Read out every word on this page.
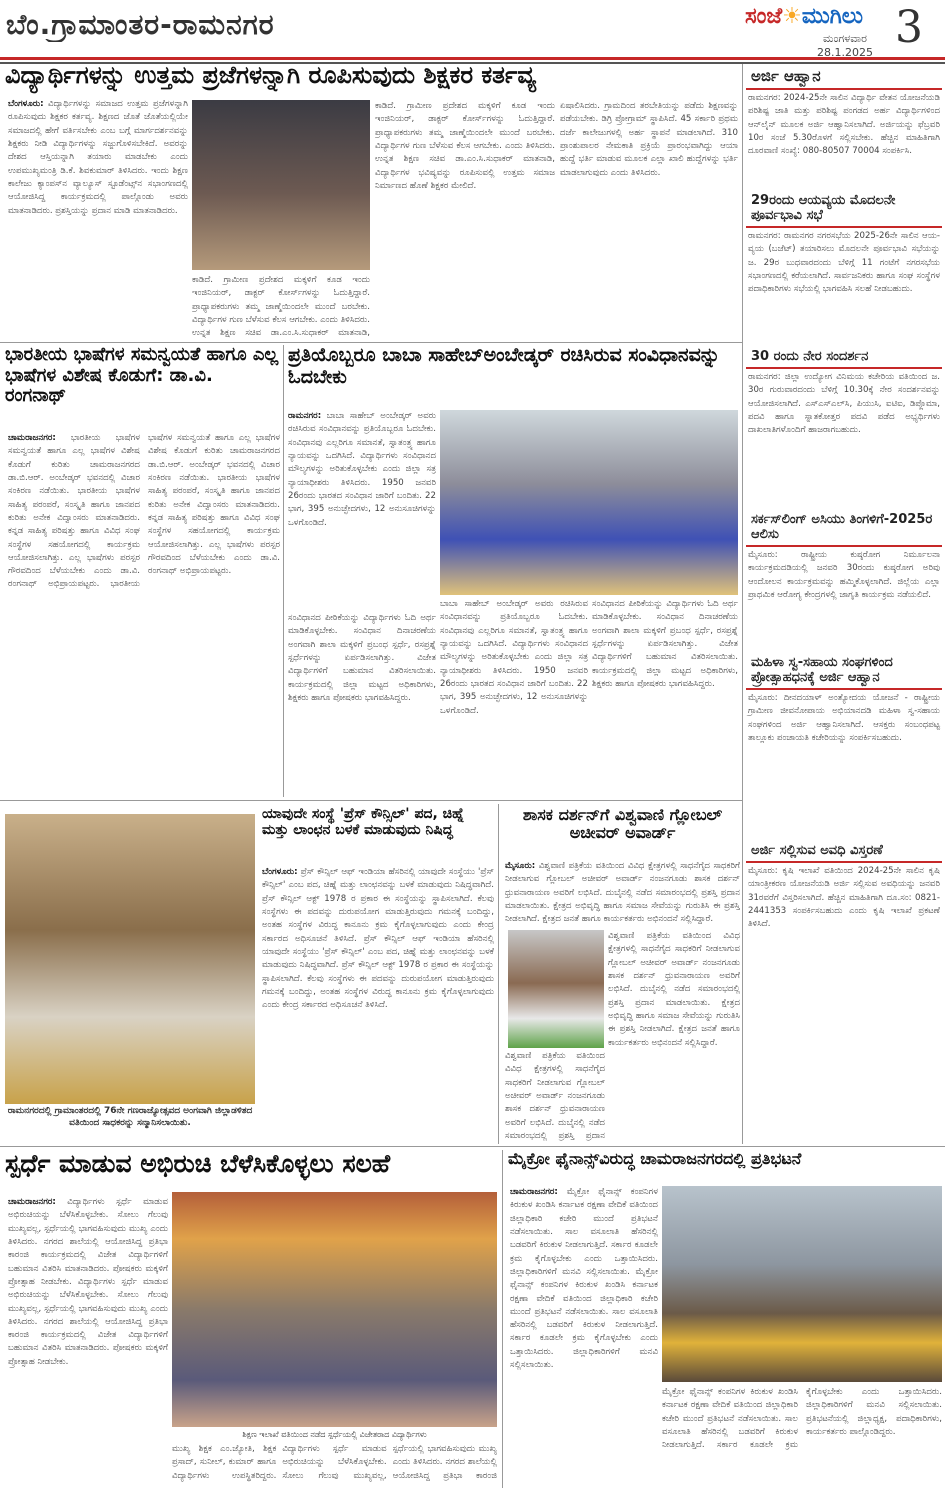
ಬೆಂ.ಗ್ರಾಮಾಂತರ-ರಾಮನಗರ	ಸಂಜೆ☀ಮುಗಿಲು
ಮಂಗಳವಾರ
28.1.2025 3
ವಿದ್ಯಾರ್ಥಿಗಳನ್ನು ಉತ್ತಮ ಪ್ರಜೆಗಳನ್ನಾಗಿ ರೂಪಿಸುವುದು ಶಿಕ್ಷಕರ ಕರ್ತವ್ಯ
ಬೆಂಗಳೂರು: ವಿದ್ಯಾರ್ಥಿಗಳನ್ನು ಸಮಾಜದ ಉತ್ತಮ ಪ್ರಜೆಗಳನ್ನಾಗಿ ರೂಪಿಸುವುದು ಶಿಕ್ಷಕರ ಕರ್ತವ್ಯ. ಶಿಕ್ಷಣದ ಜೊತೆ ಜೊತೆಯಲ್ಲಿಯೇ ಸಮಾಜದಲ್ಲಿ ಹೇಗೆ ವರ್ತಿಸಬೇಕು ಎಂಬ ಬಗ್ಗೆ ಮಾರ್ಗದರ್ಶನವನ್ನು ಶಿಕ್ಷಕರು ನೀಡಿ ವಿದ್ಯಾರ್ಥಿಗಳನ್ನು ಸಜ್ಜುಗೊಳಿಸಬೇಕಿದೆ. ಅವರನ್ನು ದೇಶದ ಆಸ್ತಿಯನ್ನಾಗಿ ತಯಾರು ಮಾಡಬೇಕು ಎಂದು ಉಪಮುಖ್ಯಮಂತ್ರಿ ಡಿ.ಕೆ. ಶಿವಕುಮಾರ್ ತಿಳಿಸಿದರು. ಇಂದು ಶಿಕ್ಷಣ ಕಾಲೇಜು ಕ್ಯಾಂಪಸ್‌ನ ವ್ಯಾಲ್ಯೂಸ್ ಸ್ಟೂಡೆಂಟ್ಸ್‌ನ ಸಭಾಂಗಣದಲ್ಲಿ ಆಯೋಜಿಸಿದ್ದ ಕಾರ್ಯಕ್ರಮದಲ್ಲಿ ಪಾಲ್ಗೊಂಡು ಅವರು ಮಾತನಾಡಿದರು. ಪ್ರಶಸ್ತಿಯನ್ನು ಪ್ರದಾನ ಮಾಡಿ ಮಾತನಾಡಿದರು.
ಕಾಡಿದೆ. ಗ್ರಾಮೀಣ ಪ್ರದೇಶದ ಮಕ್ಕಳಿಗೆ ಕೂಡ ಇಂದು ಇಂಜಿನಿಯರ್, ಡಾಕ್ಟರ್ ಕೋರ್ಸ್‌ಗಳನ್ನು ಓದುತ್ತಿದ್ದಾರೆ. ಪ್ರಾಧ್ಯಾಪಕರುಗಳು ತಮ್ಮ ಜಾಣ್ಮೆಯಿಂದಲೇ ಮುಂದೆ ಬರಬೇಕು. ವಿದ್ಯಾರ್ಥಿಗಳ ಗುಣ ಬೆಳೆಸುವ ಕೆಲಸ ಆಗಬೇಕು. ಎಂದು ತಿಳಿಸಿದರು. ಉನ್ನತ ಶಿಕ್ಷಣ ಸಚಿವ ಡಾ.ಎಂ.ಸಿ.ಸುಧಾಕರ್ ಮಾತನಾಡಿ,
ಕಾಡಿದೆ. ಗ್ರಾಮೀಣ ಪ್ರದೇಶದ ಮಕ್ಕಳಿಗೆ ಕೂಡ ಇಂದು ಇಂಜಿನಿಯರ್, ಡಾಕ್ಟರ್ ಕೋರ್ಸ್‌ಗಳನ್ನು ಓದುತ್ತಿದ್ದಾರೆ. ಪ್ರಾಧ್ಯಾಪಕರುಗಳು ತಮ್ಮ ಜಾಣ್ಮೆಯಿಂದಲೇ ಮುಂದೆ ಬರಬೇಕು. ವಿದ್ಯಾರ್ಥಿಗಳ ಗುಣ ಬೆಳೆಸುವ ಕೆಲಸ ಆಗಬೇಕು. ಎಂದು ತಿಳಿಸಿದರು. ಉನ್ನತ ಶಿಕ್ಷಣ ಸಚಿವ ಡಾ.ಎಂ.ಸಿ.ಸುಧಾಕರ್ ಮಾತನಾಡಿ, ವಿದ್ಯಾರ್ಥಿಗಳ ಭವಿಷ್ಯವನ್ನು ರೂಪಿಸುವಲ್ಲಿ ಉತ್ತಮ ಸಮಾಜ ನಿರ್ಮಾಣದ ಹೊಣೆ ಶಿಕ್ಷಕರ ಮೇಲಿದೆ.
ಏಷಾಲಿಸಿದರು. ಗ್ರಾಮದಿಂದ ತರಬೇತಿಯನ್ನು ಪಡೆದು ಶಿಕ್ಷಣವನ್ನು ಪಡೆಯಬೇಕು. ಡಿಗ್ರಿ ಪ್ರೋಗ್ರಾಮ್ ಸ್ಥಾಪಿಸಿದೆ. 45 ಸರ್ಕಾರಿ ಪ್ರಥಮ ದರ್ಜೆ ಕಾಲೇಜುಗಳಲ್ಲಿ ಅರ್ಹ ಸ್ಥಾಪನೆ ಮಾಡಲಾಗಿದೆ. 310 ಪ್ರಾಂಶುಪಾಲರ ನೇಮಕಾತಿ ಪ್ರಕ್ರಿಯೆ ಪ್ರಾರಂಭವಾಗಿದ್ದು ಆಯಾ ಹುದ್ದೆ ಭರ್ತಿ ಮಾಡುವ ಮೂಲಕ ಎಲ್ಲಾ ಖಾಲಿ ಹುದ್ದೆಗಳನ್ನು ಭರ್ತಿ ಮಾಡಲಾಗುವುದು ಎಂದು ತಿಳಿಸಿದರು.
ಅರ್ಜಿ ಆಹ್ವಾನ
ರಾಮನಗರ: 2024-25ನೇ ಸಾಲಿನ ವಿದ್ಯಾರ್ಥಿ ವೇತನ ಯೋಜನೆಯಡಿ ಪರಿಶಿಷ್ಟ ಜಾತಿ ಮತ್ತು ಪರಿಶಿಷ್ಟ ಪಂಗಡದ ಅರ್ಹ ವಿದ್ಯಾರ್ಥಿಗಳಿಂದ ಆನ್‌ಲೈನ್ ಮೂಲಕ ಅರ್ಜಿ ಆಹ್ವಾನಿಸಲಾಗಿದೆ. ಅರ್ಜಿಯನ್ನು ಫೆಬ್ರವರಿ 10ರ ಸಂಜೆ 5.30ರೊಳಗೆ ಸಲ್ಲಿಸಬೇಕು. ಹೆಚ್ಚಿನ ಮಾಹಿತಿಗಾಗಿ ದೂರವಾಣಿ ಸಂಖ್ಯೆ: 080-80507 70004 ಸಂಪರ್ಕಿಸಿ.
29ರಂದು ಆಯವ್ಯಯ ಮೊದಲನೇ ಪೂರ್ವಭಾವಿ ಸಭೆ
ರಾಮನಗರ: ರಾಮನಗರ ನಗರಸಭೆಯ 2025-26ನೇ ಸಾಲಿನ ಆಯ-ವ್ಯಯ (ಬಜೆಟ್) ತಯಾರಿಸಲು ಮೊದಲನೇ ಪೂರ್ವಭಾವಿ ಸಭೆಯನ್ನು ಜ. 29ರ ಬುಧವಾರದಂದು ಬೆಳಿಗ್ಗೆ 11 ಗಂಟೆಗೆ ನಗರಸಭೆಯ ಸಭಾಂಗಣದಲ್ಲಿ ಕರೆಯಲಾಗಿದೆ. ಸಾರ್ವಜನಿಕರು ಹಾಗೂ ಸಂಘ ಸಂಸ್ಥೆಗಳ ಪದಾಧಿಕಾರಿಗಳು ಸಭೆಯಲ್ಲಿ ಭಾಗವಹಿಸಿ ಸಲಹೆ ನೀಡಬಹುದು.
30 ರಂದು ನೇರ ಸಂದರ್ಶನ
ರಾಮನಗರ: ಜಿಲ್ಲಾ ಉದ್ಯೋಗ ವಿನಿಮಯ ಕಚೇರಿಯ ವತಿಯಿಂದ ಜ. 30ರ ಗುರುವಾರದಂದು ಬೆಳಿಗ್ಗೆ 10.30ಕ್ಕೆ ನೇರ ಸಂದರ್ಶನವನ್ನು ಆಯೋಜಿಸಲಾಗಿದೆ. ಎಸ್ಎಸ್ಎಲ್‌ಸಿ, ಪಿಯುಸಿ, ಐಟಿಐ, ಡಿಪ್ಲೊಮಾ, ಪದವಿ ಹಾಗೂ ಸ್ನಾತಕೋತ್ತರ ಪದವಿ ಪಡೆದ ಅಭ್ಯರ್ಥಿಗಳು ದಾಖಲಾತಿಗಳೊಂದಿಗೆ ಹಾಜರಾಗಬಹುದು.
ಸರ್ಕಸ್‌ಲಿಂಗ್ ಅಸಿಯು ತಿಂಗಳಿಗೆ-2025ರ ಆಲಿಸು
ಮೈಸೂರು: ರಾಷ್ಟ್ರೀಯ ಕುಷ್ಠರೋಗ ನಿರ್ಮೂಲನಾ ಕಾರ್ಯಕ್ರಮದಡಿಯಲ್ಲಿ ಜನವರಿ 30ರಂದು ಕುಷ್ಠರೋಗ ಅರಿವು ಆಂದೋಲನ ಕಾರ್ಯಕ್ರಮವನ್ನು ಹಮ್ಮಿಕೊಳ್ಳಲಾಗಿದೆ. ಜಿಲ್ಲೆಯ ಎಲ್ಲಾ ಪ್ರಾಥಮಿಕ ಆರೋಗ್ಯ ಕೇಂದ್ರಗಳಲ್ಲಿ ಜಾಗೃತಿ ಕಾರ್ಯಕ್ರಮ ನಡೆಯಲಿದೆ.
ಮಹಿಳಾ ಸ್ವ-ಸಹಾಯ ಸಂಘಗಳಿಂದ ಪ್ರೋತ್ಸಾಹಧನಕ್ಕೆ ಅರ್ಜಿ ಆಹ್ವಾನ
ಮೈಸೂರು: ದೀನದಯಾಳ್ ಅಂತ್ಯೋದಯ ಯೋಜನೆ - ರಾಷ್ಟ್ರೀಯ ಗ್ರಾಮೀಣ ಜೀವನೋಪಾಯ ಅಭಿಯಾನದಡಿ ಮಹಿಳಾ ಸ್ವ-ಸಹಾಯ ಸಂಘಗಳಿಂದ ಅರ್ಜಿ ಆಹ್ವಾನಿಸಲಾಗಿದೆ. ಆಸಕ್ತರು ಸಂಬಂಧಪಟ್ಟ ತಾಲ್ಲೂಕು ಪಂಚಾಯತಿ ಕಚೇರಿಯನ್ನು ಸಂಪರ್ಕಿಸಬಹುದು.
ಅರ್ಜಿ ಸಲ್ಲಿಸುವ ಅವಧಿ ವಿಸ್ತರಣೆ
ಮೈಸೂರು: ಕೃಷಿ ಇಲಾಖೆ ವತಿಯಿಂದ 2024-25ನೇ ಸಾಲಿನ ಕೃಷಿ ಯಾಂತ್ರೀಕರಣ ಯೋಜನೆಯಡಿ ಅರ್ಜಿ ಸಲ್ಲಿಸುವ ಅವಧಿಯನ್ನು ಜನವರಿ 31ರವರೆಗೆ ವಿಸ್ತರಿಸಲಾಗಿದೆ. ಹೆಚ್ಚಿನ ಮಾಹಿತಿಗಾಗಿ ದೂ.ಸಂ: 0821-2441353 ಸಂಪರ್ಕಿಸಬಹುದು ಎಂದು ಕೃಷಿ ಇಲಾಖೆ ಪ್ರಕಟಣೆ ತಿಳಿಸಿದೆ.
ಭಾರತೀಯ ಭಾಷೆಗಳ ಸಮನ್ವಯತೆ ಹಾಗೂ ಎಲ್ಲ ಭಾಷೆಗಳ ವಿಶೇಷ ಕೊಡುಗೆ: ಡಾ.ವಿ. ರಂಗನಾಥ್
ಚಾಮರಾಜನಗರ: ಭಾರತೀಯ ಭಾಷೆಗಳ ಸಮನ್ವಯತೆ ಹಾಗೂ ಎಲ್ಲ ಭಾಷೆಗಳ ವಿಶೇಷ ಕೊಡುಗೆ ಕುರಿತು ಚಾಮರಾಜನಗರದ ಡಾ.ಬಿ.ಆರ್. ಅಂಬೇಡ್ಕರ್ ಭವನದಲ್ಲಿ ವಿಚಾರ ಸಂಕಿರಣ ನಡೆಯಿತು. ಭಾರತೀಯ ಭಾಷೆಗಳ ಸಾಹಿತ್ಯ ಪರಂಪರೆ, ಸಂಸ್ಕೃತಿ ಹಾಗೂ ಜಾನಪದ ಕುರಿತು ಅನೇಕ ವಿದ್ವಾಂಸರು ಮಾತನಾಡಿದರು. ಕನ್ನಡ ಸಾಹಿತ್ಯ ಪರಿಷತ್ತು ಹಾಗೂ ವಿವಿಧ ಸಂಘ ಸಂಸ್ಥೆಗಳ ಸಹಯೋಗದಲ್ಲಿ ಕಾರ್ಯಕ್ರಮ ಆಯೋಜಿಸಲಾಗಿತ್ತು. ಎಲ್ಲ ಭಾಷೆಗಳು ಪರಸ್ಪರ ಗೌರವದಿಂದ ಬೆಳೆಯಬೇಕು ಎಂದು ಡಾ.ವಿ. ರಂಗನಾಥ್ ಅಭಿಪ್ರಾಯಪಟ್ಟರು. ಭಾರತೀಯ ಭಾಷೆಗಳ ಸಮನ್ವಯತೆ ಹಾಗೂ ಎಲ್ಲ ಭಾಷೆಗಳ ವಿಶೇಷ ಕೊಡುಗೆ ಕುರಿತು ಚಾಮರಾಜನಗರದ ಡಾ.ಬಿ.ಆರ್. ಅಂಬೇಡ್ಕರ್ ಭವನದಲ್ಲಿ ವಿಚಾರ ಸಂಕಿರಣ ನಡೆಯಿತು. ಭಾರತೀಯ ಭಾಷೆಗಳ ಸಾಹಿತ್ಯ ಪರಂಪರೆ, ಸಂಸ್ಕೃತಿ ಹಾಗೂ ಜಾನಪದ ಕುರಿತು ಅನೇಕ ವಿದ್ವಾಂಸರು ಮಾತನಾಡಿದರು. ಕನ್ನಡ ಸಾಹಿತ್ಯ ಪರಿಷತ್ತು ಹಾಗೂ ವಿವಿಧ ಸಂಘ ಸಂಸ್ಥೆಗಳ ಸಹಯೋಗದಲ್ಲಿ ಕಾರ್ಯಕ್ರಮ ಆಯೋಜಿಸಲಾಗಿತ್ತು. ಎಲ್ಲ ಭಾಷೆಗಳು ಪರಸ್ಪರ ಗೌರವದಿಂದ ಬೆಳೆಯಬೇಕು ಎಂದು ಡಾ.ವಿ. ರಂಗನಾಥ್ ಅಭಿಪ್ರಾಯಪಟ್ಟರು.
ಪ್ರತಿಯೊಬ್ಬರೂ ಬಾಬಾ ಸಾಹೇಬ್‌ಅಂಬೇಡ್ಕರ್ ರಚಿಸಿರುವ ಸಂವಿಧಾನವನ್ನು ಓದಬೇಕು
ರಾಮನಗರ: ಬಾಬಾ ಸಾಹೇಬ್ ಅಂಬೇಡ್ಕರ್ ಅವರು ರಚಿಸಿರುವ ಸಂವಿಧಾನವನ್ನು ಪ್ರತಿಯೊಬ್ಬರೂ ಓದಬೇಕು. ಸಂವಿಧಾನವು ಎಲ್ಲರಿಗೂ ಸಮಾನತೆ, ಸ್ವಾತಂತ್ರ್ಯ ಹಾಗೂ ನ್ಯಾಯವನ್ನು ಒದಗಿಸಿದೆ. ವಿದ್ಯಾರ್ಥಿಗಳು ಸಂವಿಧಾನದ ಮೌಲ್ಯಗಳನ್ನು ಅರಿತುಕೊಳ್ಳಬೇಕು ಎಂದು ಜಿಲ್ಲಾ ಸತ್ರ ನ್ಯಾಯಾಧೀಶರು ತಿಳಿಸಿದರು. 1950 ಜನವರಿ 26ರಂದು ಭಾರತದ ಸಂವಿಧಾನ ಜಾರಿಗೆ ಬಂದಿತು. 22 ಭಾಗ, 395 ಅನುಚ್ಛೇದಗಳು, 12 ಅನುಸೂಚಿಗಳನ್ನು ಒಳಗೊಂಡಿದೆ.
ಸಂವಿಧಾನದ ಪೀಠಿಕೆಯನ್ನು ವಿದ್ಯಾರ್ಥಿಗಳು ಓದಿ ಅರ್ಥ ಮಾಡಿಕೊಳ್ಳಬೇಕು. ಸಂವಿಧಾನ ದಿನಾಚರಣೆಯ ಅಂಗವಾಗಿ ಶಾಲಾ ಮಕ್ಕಳಿಗೆ ಪ್ರಬಂಧ ಸ್ಪರ್ಧೆ, ರಸಪ್ರಶ್ನೆ ಸ್ಪರ್ಧೆಗಳನ್ನು ಏರ್ಪಡಿಸಲಾಗಿತ್ತು. ವಿಜೇತ ವಿದ್ಯಾರ್ಥಿಗಳಿಗೆ ಬಹುಮಾನ ವಿತರಿಸಲಾಯಿತು. ಕಾರ್ಯಕ್ರಮದಲ್ಲಿ ಜಿಲ್ಲಾ ಮಟ್ಟದ ಅಧಿಕಾರಿಗಳು, ಶಿಕ್ಷಕರು ಹಾಗೂ ಪೋಷಕರು ಭಾಗವಹಿಸಿದ್ದರು.
ಬಾಬಾ ಸಾಹೇಬ್ ಅಂಬೇಡ್ಕರ್ ಅವರು ರಚಿಸಿರುವ ಸಂವಿಧಾನವನ್ನು ಪ್ರತಿಯೊಬ್ಬರೂ ಓದಬೇಕು. ಸಂವಿಧಾನವು ಎಲ್ಲರಿಗೂ ಸಮಾನತೆ, ಸ್ವಾತಂತ್ರ್ಯ ಹಾಗೂ ನ್ಯಾಯವನ್ನು ಒದಗಿಸಿದೆ. ವಿದ್ಯಾರ್ಥಿಗಳು ಸಂವಿಧಾನದ ಮೌಲ್ಯಗಳನ್ನು ಅರಿತುಕೊಳ್ಳಬೇಕು ಎಂದು ಜಿಲ್ಲಾ ಸತ್ರ ನ್ಯಾಯಾಧೀಶರು ತಿಳಿಸಿದರು. 1950 ಜನವರಿ 26ರಂದು ಭಾರತದ ಸಂವಿಧಾನ ಜಾರಿಗೆ ಬಂದಿತು. 22 ಭಾಗ, 395 ಅನುಚ್ಛೇದಗಳು, 12 ಅನುಸೂಚಿಗಳನ್ನು ಒಳಗೊಂಡಿದೆ.
ಸಂವಿಧಾನದ ಪೀಠಿಕೆಯನ್ನು ವಿದ್ಯಾರ್ಥಿಗಳು ಓದಿ ಅರ್ಥ ಮಾಡಿಕೊಳ್ಳಬೇಕು. ಸಂವಿಧಾನ ದಿನಾಚರಣೆಯ ಅಂಗವಾಗಿ ಶಾಲಾ ಮಕ್ಕಳಿಗೆ ಪ್ರಬಂಧ ಸ್ಪರ್ಧೆ, ರಸಪ್ರಶ್ನೆ ಸ್ಪರ್ಧೆಗಳನ್ನು ಏರ್ಪಡಿಸಲಾಗಿತ್ತು. ವಿಜೇತ ವಿದ್ಯಾರ್ಥಿಗಳಿಗೆ ಬಹುಮಾನ ವಿತರಿಸಲಾಯಿತು. ಕಾರ್ಯಕ್ರಮದಲ್ಲಿ ಜಿಲ್ಲಾ ಮಟ್ಟದ ಅಧಿಕಾರಿಗಳು, ಶಿಕ್ಷಕರು ಹಾಗೂ ಪೋಷಕರು ಭಾಗವಹಿಸಿದ್ದರು.
ರಾಮನಗರದಲ್ಲಿ ಗ್ರಾಮಾಂತರದಲ್ಲಿ 76ನೇ ಗಣರಾಜ್ಯೋತ್ಸವದ ಅಂಗವಾಗಿ ಜಿಲ್ಲಾಡಳಿತದ ವತಿಯಿಂದ ಸಾಧಕರನ್ನು ಸನ್ಮಾನಿಸಲಾಯಿತು.
ಯಾವುದೇ ಸಂಸ್ಥೆ 'ಪ್ರೆಸ್ ಕೌನ್ಸಿಲ್' ಪದ, ಚಿಹ್ನೆ ಮತ್ತು ಲಾಂಛನ ಬಳಕೆ ಮಾಡುವುದು ನಿಷಿದ್ಧ
ಬೆಂಗಳೂರು: ಪ್ರೆಸ್ ಕೌನ್ಸಿಲ್ ಆಫ್ ಇಂಡಿಯಾ ಹೆಸರಿನಲ್ಲಿ ಯಾವುದೇ ಸಂಸ್ಥೆಯು 'ಪ್ರೆಸ್ ಕೌನ್ಸಿಲ್' ಎಂಬ ಪದ, ಚಿಹ್ನೆ ಮತ್ತು ಲಾಂಛನವನ್ನು ಬಳಕೆ ಮಾಡುವುದು ನಿಷಿದ್ಧವಾಗಿದೆ. ಪ್ರೆಸ್ ಕೌನ್ಸಿಲ್ ಆಕ್ಟ್ 1978 ರ ಪ್ರಕಾರ ಈ ಸಂಸ್ಥೆಯನ್ನು ಸ್ಥಾಪಿಸಲಾಗಿದೆ. ಕೆಲವು ಸಂಸ್ಥೆಗಳು ಈ ಪದವನ್ನು ದುರುಪಯೋಗ ಮಾಡುತ್ತಿರುವುದು ಗಮನಕ್ಕೆ ಬಂದಿದ್ದು, ಅಂತಹ ಸಂಸ್ಥೆಗಳ ವಿರುದ್ಧ ಕಾನೂನು ಕ್ರಮ ಕೈಗೊಳ್ಳಲಾಗುವುದು ಎಂದು ಕೇಂದ್ರ ಸರ್ಕಾರದ ಅಧಿಸೂಚನೆ ತಿಳಿಸಿದೆ. ಪ್ರೆಸ್ ಕೌನ್ಸಿಲ್ ಆಫ್ ಇಂಡಿಯಾ ಹೆಸರಿನಲ್ಲಿ ಯಾವುದೇ ಸಂಸ್ಥೆಯು 'ಪ್ರೆಸ್ ಕೌನ್ಸಿಲ್' ಎಂಬ ಪದ, ಚಿಹ್ನೆ ಮತ್ತು ಲಾಂಛನವನ್ನು ಬಳಕೆ ಮಾಡುವುದು ನಿಷಿದ್ಧವಾಗಿದೆ. ಪ್ರೆಸ್ ಕೌನ್ಸಿಲ್ ಆಕ್ಟ್ 1978 ರ ಪ್ರಕಾರ ಈ ಸಂಸ್ಥೆಯನ್ನು ಸ್ಥಾಪಿಸಲಾಗಿದೆ. ಕೆಲವು ಸಂಸ್ಥೆಗಳು ಈ ಪದವನ್ನು ದುರುಪಯೋಗ ಮಾಡುತ್ತಿರುವುದು ಗಮನಕ್ಕೆ ಬಂದಿದ್ದು, ಅಂತಹ ಸಂಸ್ಥೆಗಳ ವಿರುದ್ಧ ಕಾನೂನು ಕ್ರಮ ಕೈಗೊಳ್ಳಲಾಗುವುದು ಎಂದು ಕೇಂದ್ರ ಸರ್ಕಾರದ ಅಧಿಸೂಚನೆ ತಿಳಿಸಿದೆ.
ಶಾಸಕ ದರ್ಶನ್‌ಗೆ ವಿಶ್ವವಾಣಿ ಗ್ಲೋಬಲ್ ಅಚೀವರ್ ಅವಾರ್ಡ್
ಮೈಸೂರು: ವಿಶ್ವವಾಣಿ ಪತ್ರಿಕೆಯ ವತಿಯಿಂದ ವಿವಿಧ ಕ್ಷೇತ್ರಗಳಲ್ಲಿ ಸಾಧನೆಗೈದ ಸಾಧಕರಿಗೆ ನೀಡಲಾಗುವ ಗ್ಲೋಬಲ್ ಅಚೀವರ್ ಅವಾರ್ಡ್ ನಂಜನಗೂಡು ಶಾಸಕ ದರ್ಶನ್ ಧ್ರುವನಾರಾಯಣ ಅವರಿಗೆ ಲಭಿಸಿದೆ. ದುಬೈನಲ್ಲಿ ನಡೆದ ಸಮಾರಂಭದಲ್ಲಿ ಪ್ರಶಸ್ತಿ ಪ್ರದಾನ ಮಾಡಲಾಯಿತು. ಕ್ಷೇತ್ರದ ಅಭಿವೃದ್ಧಿ ಹಾಗೂ ಸಮಾಜ ಸೇವೆಯನ್ನು ಗುರುತಿಸಿ ಈ ಪ್ರಶಸ್ತಿ ನೀಡಲಾಗಿದೆ. ಕ್ಷೇತ್ರದ ಜನತೆ ಹಾಗೂ ಕಾರ್ಯಕರ್ತರು ಅಭಿನಂದನೆ ಸಲ್ಲಿಸಿದ್ದಾರೆ.
ವಿಶ್ವವಾಣಿ ಪತ್ರಿಕೆಯ ವತಿಯಿಂದ ವಿವಿಧ ಕ್ಷೇತ್ರಗಳಲ್ಲಿ ಸಾಧನೆಗೈದ ಸಾಧಕರಿಗೆ ನೀಡಲಾಗುವ ಗ್ಲೋಬಲ್ ಅಚೀವರ್ ಅವಾರ್ಡ್ ನಂಜನಗೂಡು ಶಾಸಕ ದರ್ಶನ್ ಧ್ರುವನಾರಾಯಣ ಅವರಿಗೆ ಲಭಿಸಿದೆ. ದುಬೈನಲ್ಲಿ ನಡೆದ ಸಮಾರಂಭದಲ್ಲಿ ಪ್ರಶಸ್ತಿ ಪ್ರದಾನ ಮಾಡಲಾಯಿತು. ಕ್ಷೇತ್ರದ ಅಭಿವೃದ್ಧಿ ಹಾಗೂ ಸಮಾಜ ಸೇವೆಯನ್ನು ಗುರುತಿಸಿ ಈ ಪ್ರಶಸ್ತಿ ನೀಡಲಾಗಿದೆ. ಕ್ಷೇತ್ರದ ಜನತೆ ಹಾಗೂ ಕಾರ್ಯಕರ್ತರು ಅಭಿನಂದನೆ ಸಲ್ಲಿಸಿದ್ದಾರೆ.
ವಿಶ್ವವಾಣಿ ಪತ್ರಿಕೆಯ ವತಿಯಿಂದ ವಿವಿಧ ಕ್ಷೇತ್ರಗಳಲ್ಲಿ ಸಾಧನೆಗೈದ ಸಾಧಕರಿಗೆ ನೀಡಲಾಗುವ ಗ್ಲೋಬಲ್ ಅಚೀವರ್ ಅವಾರ್ಡ್ ನಂಜನಗೂಡು ಶಾಸಕ ದರ್ಶನ್ ಧ್ರುವನಾರಾಯಣ ಅವರಿಗೆ ಲಭಿಸಿದೆ. ದುಬೈನಲ್ಲಿ ನಡೆದ ಸಮಾರಂಭದಲ್ಲಿ ಪ್ರಶಸ್ತಿ ಪ್ರದಾನ
ಸ್ಪರ್ಧೆ ಮಾಡುವ ಅಭಿರುಚಿ ಬೆಳೆಸಿಕೊಳ್ಳಲು ಸಲಹೆ
ಚಾಮರಾಜನಗರ: ವಿದ್ಯಾರ್ಥಿಗಳು ಸ್ಪರ್ಧೆ ಮಾಡುವ ಅಭಿರುಚಿಯನ್ನು ಬೆಳೆಸಿಕೊಳ್ಳಬೇಕು. ಸೋಲು ಗೆಲುವು ಮುಖ್ಯವಲ್ಲ, ಸ್ಪರ್ಧೆಯಲ್ಲಿ ಭಾಗವಹಿಸುವುದು ಮುಖ್ಯ ಎಂದು ತಿಳಿಸಿದರು. ನಗರದ ಶಾಲೆಯಲ್ಲಿ ಆಯೋಜಿಸಿದ್ದ ಪ್ರತಿಭಾ ಕಾರಂಜಿ ಕಾರ್ಯಕ್ರಮದಲ್ಲಿ ವಿಜೇತ ವಿದ್ಯಾರ್ಥಿಗಳಿಗೆ ಬಹುಮಾನ ವಿತರಿಸಿ ಮಾತನಾಡಿದರು. ಪೋಷಕರು ಮಕ್ಕಳಿಗೆ ಪ್ರೋತ್ಸಾಹ ನೀಡಬೇಕು. ವಿದ್ಯಾರ್ಥಿಗಳು ಸ್ಪರ್ಧೆ ಮಾಡುವ ಅಭಿರುಚಿಯನ್ನು ಬೆಳೆಸಿಕೊಳ್ಳಬೇಕು. ಸೋಲು ಗೆಲುವು ಮುಖ್ಯವಲ್ಲ, ಸ್ಪರ್ಧೆಯಲ್ಲಿ ಭಾಗವಹಿಸುವುದು ಮುಖ್ಯ ಎಂದು ತಿಳಿಸಿದರು. ನಗರದ ಶಾಲೆಯಲ್ಲಿ ಆಯೋಜಿಸಿದ್ದ ಪ್ರತಿಭಾ ಕಾರಂಜಿ ಕಾರ್ಯಕ್ರಮದಲ್ಲಿ ವಿಜೇತ ವಿದ್ಯಾರ್ಥಿಗಳಿಗೆ ಬಹುಮಾನ ವಿತರಿಸಿ ಮಾತನಾಡಿದರು. ಪೋಷಕರು ಮಕ್ಕಳಿಗೆ ಪ್ರೋತ್ಸಾಹ ನೀಡಬೇಕು.
ಶಿಕ್ಷಣ ಇಲಾಖೆ ವತಿಯಿಂದ ನಡೆದ ಸ್ಪರ್ಧೆಯಲ್ಲಿ ವಿಜೇತರಾದ ವಿದ್ಯಾರ್ಥಿಗಳು
ಮುಖ್ಯ ಶಿಕ್ಷಕ ಎಂ.ಜ್ಯೋತಿ, ಶಿಕ್ಷಕ ಪ್ರಸಾದ್, ಸುನೀಲ್, ಕುಮಾರ್ ಹಾಗೂ ವಿದ್ಯಾರ್ಥಿಗಳು ಉಪಸ್ಥಿತರಿದ್ದರು. ವಿದ್ಯಾರ್ಥಿಗಳು ಸ್ಪರ್ಧೆ ಮಾಡುವ ಅಭಿರುಚಿಯನ್ನು ಬೆಳೆಸಿಕೊಳ್ಳಬೇಕು. ಸೋಲು ಗೆಲುವು ಮುಖ್ಯವಲ್ಲ, ಸ್ಪರ್ಧೆಯಲ್ಲಿ ಭಾಗವಹಿಸುವುದು ಮುಖ್ಯ ಎಂದು ತಿಳಿಸಿದರು. ನಗರದ ಶಾಲೆಯಲ್ಲಿ ಆಯೋಜಿಸಿದ್ದ ಪ್ರತಿಭಾ ಕಾರಂಜಿ
ಮೈಕ್ರೋ ಫೈನಾನ್ಸ್‌ವಿರುದ್ಧ ಚಾಮರಾಜನಗರದಲ್ಲಿ ಪ್ರತಿಭಟನೆ
ಚಾಮರಾಜನಗರ: ಮೈಕ್ರೋ ಫೈನಾನ್ಸ್ ಕಂಪನಿಗಳ ಕಿರುಕುಳ ಖಂಡಿಸಿ ಕರ್ನಾಟಕ ರಕ್ಷಣಾ ವೇದಿಕೆ ವತಿಯಿಂದ ಜಿಲ್ಲಾಧಿಕಾರಿ ಕಚೇರಿ ಮುಂದೆ ಪ್ರತಿಭಟನೆ ನಡೆಸಲಾಯಿತು. ಸಾಲ ವಸೂಲಾತಿ ಹೆಸರಿನಲ್ಲಿ ಬಡವರಿಗೆ ಕಿರುಕುಳ ನೀಡಲಾಗುತ್ತಿದೆ. ಸರ್ಕಾರ ಕೂಡಲೇ ಕ್ರಮ ಕೈಗೊಳ್ಳಬೇಕು ಎಂದು ಒತ್ತಾಯಿಸಿದರು. ಜಿಲ್ಲಾಧಿಕಾರಿಗಳಿಗೆ ಮನವಿ ಸಲ್ಲಿಸಲಾಯಿತು. ಮೈಕ್ರೋ ಫೈನಾನ್ಸ್ ಕಂಪನಿಗಳ ಕಿರುಕುಳ ಖಂಡಿಸಿ ಕರ್ನಾಟಕ ರಕ್ಷಣಾ ವೇದಿಕೆ ವತಿಯಿಂದ ಜಿಲ್ಲಾಧಿಕಾರಿ ಕಚೇರಿ ಮುಂದೆ ಪ್ರತಿಭಟನೆ ನಡೆಸಲಾಯಿತು. ಸಾಲ ವಸೂಲಾತಿ ಹೆಸರಿನಲ್ಲಿ ಬಡವರಿಗೆ ಕಿರುಕುಳ ನೀಡಲಾಗುತ್ತಿದೆ. ಸರ್ಕಾರ ಕೂಡಲೇ ಕ್ರಮ ಕೈಗೊಳ್ಳಬೇಕು ಎಂದು ಒತ್ತಾಯಿಸಿದರು. ಜಿಲ್ಲಾಧಿಕಾರಿಗಳಿಗೆ ಮನವಿ ಸಲ್ಲಿಸಲಾಯಿತು.
ಮೈಕ್ರೋ ಫೈನಾನ್ಸ್ ಕಂಪನಿಗಳ ಕಿರುಕುಳ ಖಂಡಿಸಿ ಕರ್ನಾಟಕ ರಕ್ಷಣಾ ವೇದಿಕೆ ವತಿಯಿಂದ ಜಿಲ್ಲಾಧಿಕಾರಿ ಕಚೇರಿ ಮುಂದೆ ಪ್ರತಿಭಟನೆ ನಡೆಸಲಾಯಿತು. ಸಾಲ ವಸೂಲಾತಿ ಹೆಸರಿನಲ್ಲಿ ಬಡವರಿಗೆ ಕಿರುಕುಳ ನೀಡಲಾಗುತ್ತಿದೆ. ಸರ್ಕಾರ ಕೂಡಲೇ ಕ್ರಮ ಕೈಗೊಳ್ಳಬೇಕು ಎಂದು ಒತ್ತಾಯಿಸಿದರು. ಜಿಲ್ಲಾಧಿಕಾರಿಗಳಿಗೆ ಮನವಿ ಸಲ್ಲಿಸಲಾಯಿತು. ಪ್ರತಿಭಟನೆಯಲ್ಲಿ ಜಿಲ್ಲಾಧ್ಯಕ್ಷ, ಪದಾಧಿಕಾರಿಗಳು, ಕಾರ್ಯಕರ್ತರು ಪಾಲ್ಗೊಂಡಿದ್ದರು.
